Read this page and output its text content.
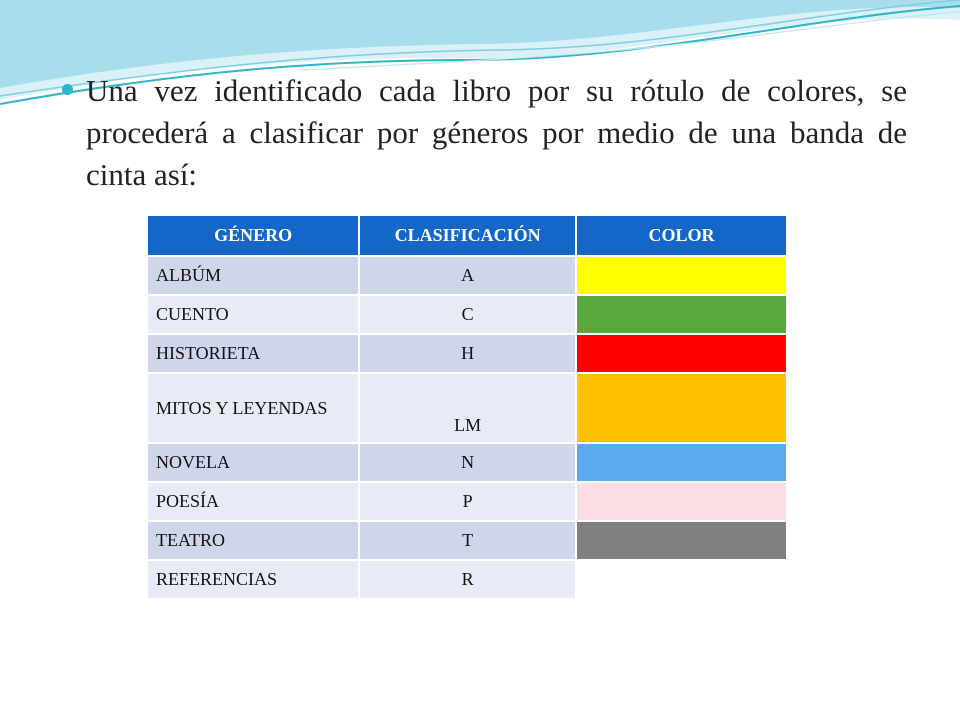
Una vez identificado cada libro por su rótulo de colores, se procederá a clasificar por géneros por medio de una banda de cinta así:

GÉNERO	CLASIFICACIÓN	COLOR
ALBÚM	A	
CUENTO	C	
HISTORIETA	H	
MITOS Y LEYENDAS	LM	
NOVELA	N	
POESÍA	P	
TEATRO	T	
REFERENCIAS	R	
